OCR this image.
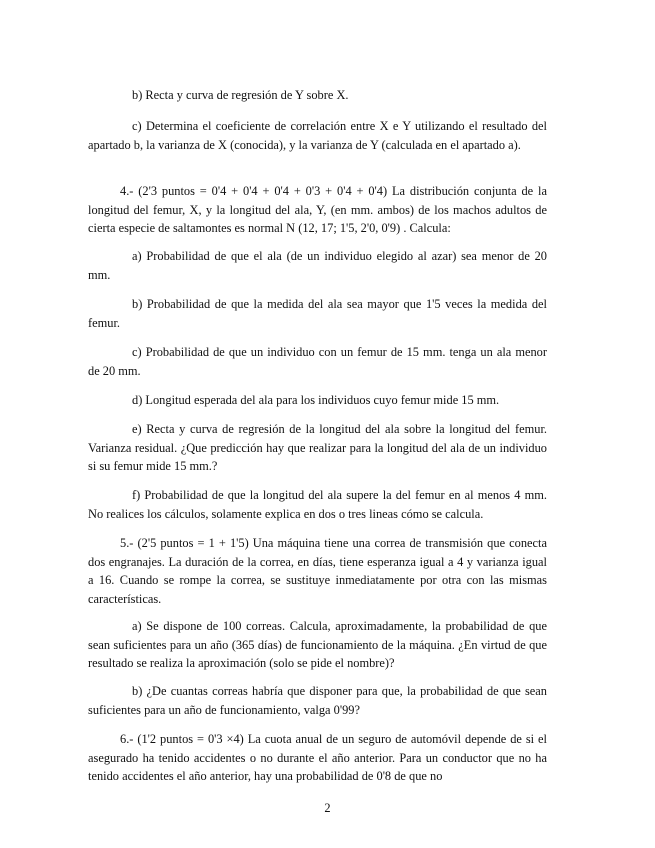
b) Recta y curva de regresión de Y sobre X.

c) Determina el coeficiente de correlación entre X e Y utilizando el resultado del apartado b, la varianza de X (conocida), y la varianza de Y (calculada en el apartado a).

4.- (2'3 puntos = 0'4 + 0'4 + 0'4 + 0'3 + 0'4 + 0'4) La distribución conjunta de la longitud del femur, X, y la longitud del ala, Y, (en mm. ambos) de los machos adultos de cierta especie de saltamontes es normal N (12, 17; 1'5, 2'0, 0'9) . Calcula:

a) Probabilidad de que el ala (de un individuo elegido al azar) sea menor de 20 mm.

b) Probabilidad de que la medida del ala sea mayor que 1'5 veces la medida del femur.

c) Probabilidad de que un individuo con un femur de 15 mm. tenga un ala menor de 20 mm.

d) Longitud esperada del ala para los individuos cuyo femur mide 15 mm.

e) Recta y curva de regresión de la longitud del ala sobre la longitud del femur. Varianza residual. ¿Que predicción hay que realizar para la longitud del ala de un individuo si su femur mide 15 mm.?

f) Probabilidad de que la longitud del ala supere la del femur en al menos 4 mm. No realices los cálculos, solamente explica en dos o tres lineas cómo se calcula.

5.- (2'5 puntos = 1 + 1'5) Una máquina tiene una correa de transmisión que conecta dos engranajes. La duración de la correa, en días, tiene esperanza igual a 4 y varianza igual a 16. Cuando se rompe la correa, se sustituye inmediatamente por otra con las mismas características.

a) Se dispone de 100 correas. Calcula, aproximadamente, la probabilidad de que sean suficientes para un año (365 días) de funcionamiento de la máquina. ¿En virtud de que resultado se realiza la aproximación (solo se pide el nombre)?

b) ¿De cuantas correas habría que disponer para que, la probabilidad de que sean suficientes para un año de funcionamiento, valga 0'99?

6.- (1'2 puntos = 0'3 ×4) La cuota anual de un seguro de automóvil depende de si el asegurado ha tenido accidentes o no durante el año anterior. Para un conductor que no ha tenido accidentes el año anterior, hay una probabilidad de 0'8 de que no

2
